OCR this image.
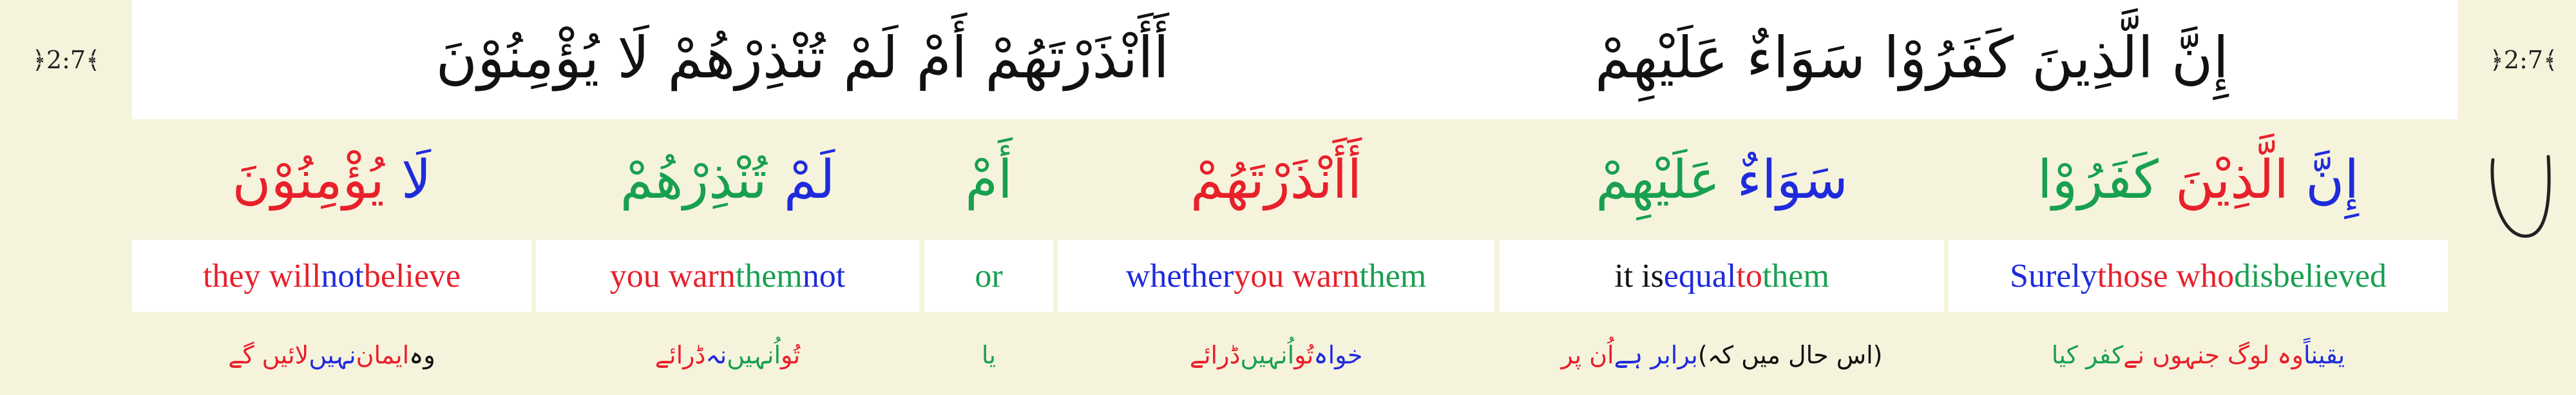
﴿2:7﴾	إِنَّ الَّذِينَ كَفَرُوْا سَوَاءٌ عَلَيْهِمْ
أَأَنْذَرْتَهُمْ أَمْ لَمْ تُنْذِرْهُمْ لَا يُؤْمِنُوْنَ	﴿2:7﴾
إِنَّ الَّذِيْنَ كَفَرُوْا
Surely those who disbelieved
یقیناً
وہ لوگ جنہوں نے
کفر کیا
سَوَاءٌ عَلَيْهِمْ
it is equal to them
(اس حال میں کہ)
برابر ہے
اُن پر
أَأَنْذَرْتَهُمْ
whether you warn them
خواہ
تُو
اُنہیں
ڈرائے
أَمْ
or
یا
لَمْ تُنْذِرْهُمْ
you warn them not
تُو
اُنہیں
نہ
ڈرائے
لَا يُؤْمِنُوْنَ
they will not believe
وہ
ایمان
نہیں
لائیں گے
